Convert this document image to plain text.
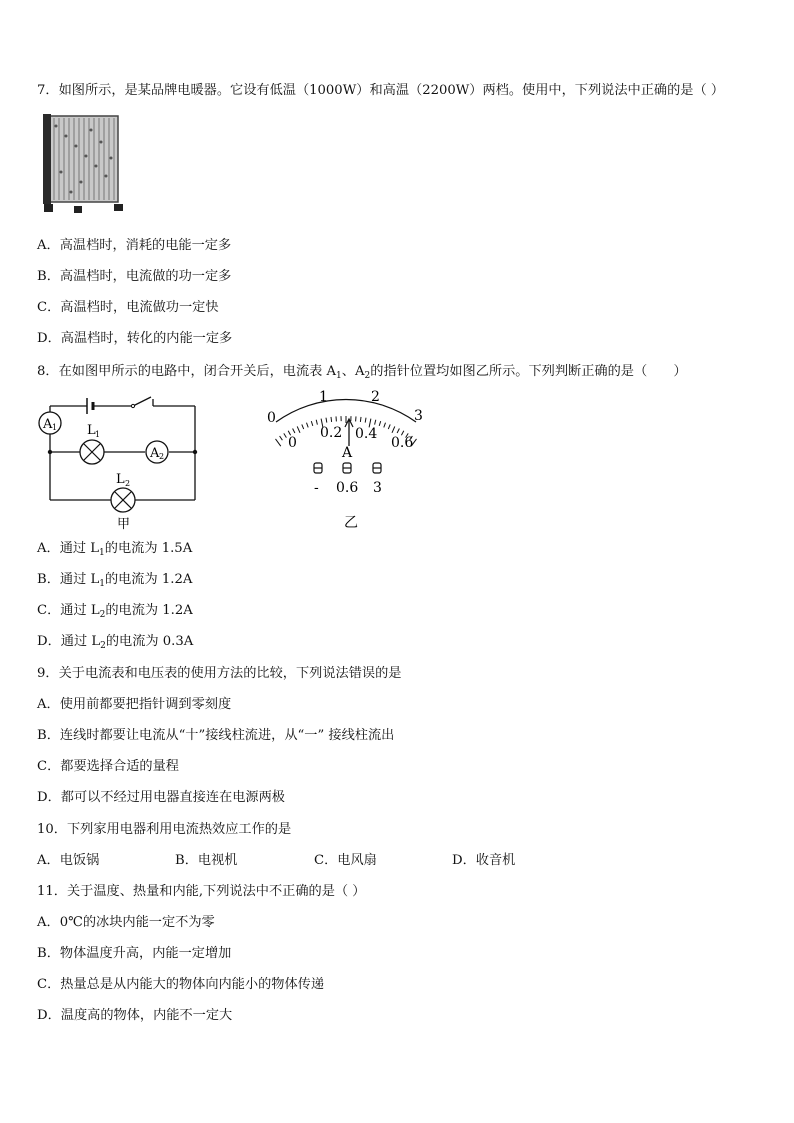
7．如图所示，是某品牌电暖器。它设有低温（1000W）和高温（2200W）两档。使用中，下列说法中正确的是（ ）
A．高温档时，消耗的电能一定多
B．高温档时，电流做的功一定多
C．高温档时，电流做功一定快
D．高温档时，转化的内能一定多
8．在如图甲所示的电路中，闭合开关后，电流表 $A_1$、$A_2$的指针位置均如图乙所示。下列判断正确的是（　　）
A 1 L 1
A 2
L 2
甲
0
1	2
3
0
0.2 0.4
0.6
A
- 0.6 3
乙
A．通过 $L_1$的电流为 1.5A
B．通过 $L_1$的电流为 1.2A
C．通过 $L_2$的电流为 1.2A
D．通过 $L_2$的电流为 0.3A
9．关于电流表和电压表的使用方法的比较，下列说法错误的是
A．使用前都要把指针调到零刻度
B．连线时都要让电流从“十”接线柱流进，从“一” 接线柱流出
C．都要选择合适的量程
D．都可以不经过用电器直接连在电源两极
10．下列家用电器利用电流热效应工作的是
A．电饭锅	B．电视机	C．电风扇	D．收音机
11．关于温度、热量和内能,下列说法中不正确的是（ ）
A．0℃的冰块内能一定不为零
B．物体温度升高，内能一定增加
C．热量总是从内能大的物体向内能小的物体传递
D．温度高的物体，内能不一定大
